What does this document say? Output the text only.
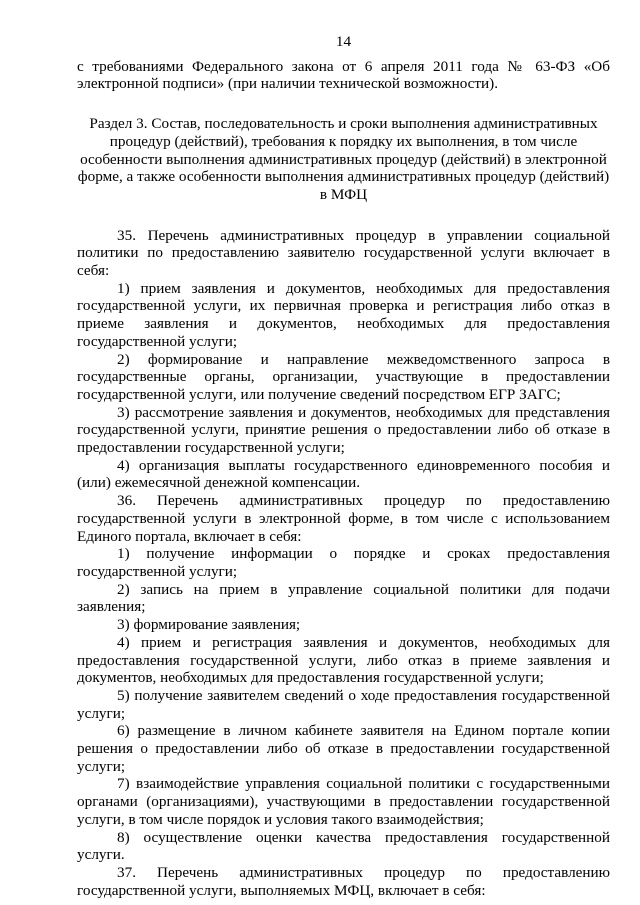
14

с требованиями Федерального закона от 6 апреля 2011 года № 63-ФЗ «Об электронной подписи» (при наличии технической возможности).

Раздел 3. Состав, последовательность и сроки выполнения административных процедур (действий), требования к порядку их выполнения, в том числе особенности выполнения административных процедур (действий) в электронной форме, а также особенности выполнения административных процедур (действий) в МФЦ

35. Перечень административных процедур в управлении социальной политики по предоставлению заявителю государственной услуги включает в себя:

1) прием заявления и документов, необходимых для предоставления государственной услуги, их первичная проверка и регистрация либо отказ в приеме заявления и документов, необходимых для предоставления государственной услуги;

2) формирование и направление межведомственного запроса в государственные органы, организации, участвующие в предоставлении государственной услуги, или получение сведений посредством ЕГР ЗАГС;

3) рассмотрение заявления и документов, необходимых для представления государственной услуги, принятие решения о предоставлении либо об отказе в предоставлении государственной услуги;

4) организация выплаты государственного единовременного пособия и (или) ежемесячной денежной компенсации.

36. Перечень административных процедур по предоставлению государственной услуги в электронной форме, в том числе с использованием Единого портала, включает в себя:

1) получение информации о порядке и сроках предоставления государственной услуги;

2) запись на прием в управление социальной политики для подачи заявления;

3) формирование заявления;

4) прием и регистрация заявления и документов, необходимых для предоставления государственной услуги, либо отказ в приеме заявления и документов, необходимых для предоставления государственной услуги;

5) получение заявителем сведений о ходе предоставления государственной услуги;

6) размещение в личном кабинете заявителя на Едином портале копии решения о предоставлении либо об отказе в предоставлении государственной услуги;

7) взаимодействие управления социальной политики с государственными органами (организациями), участвующими в предоставлении государственной услуги, в том числе порядок и условия такого взаимодействия;

8) осуществление оценки качества предоставления государственной услуги.

37. Перечень административных процедур по предоставлению государственной услуги, выполняемых МФЦ, включает в себя:
